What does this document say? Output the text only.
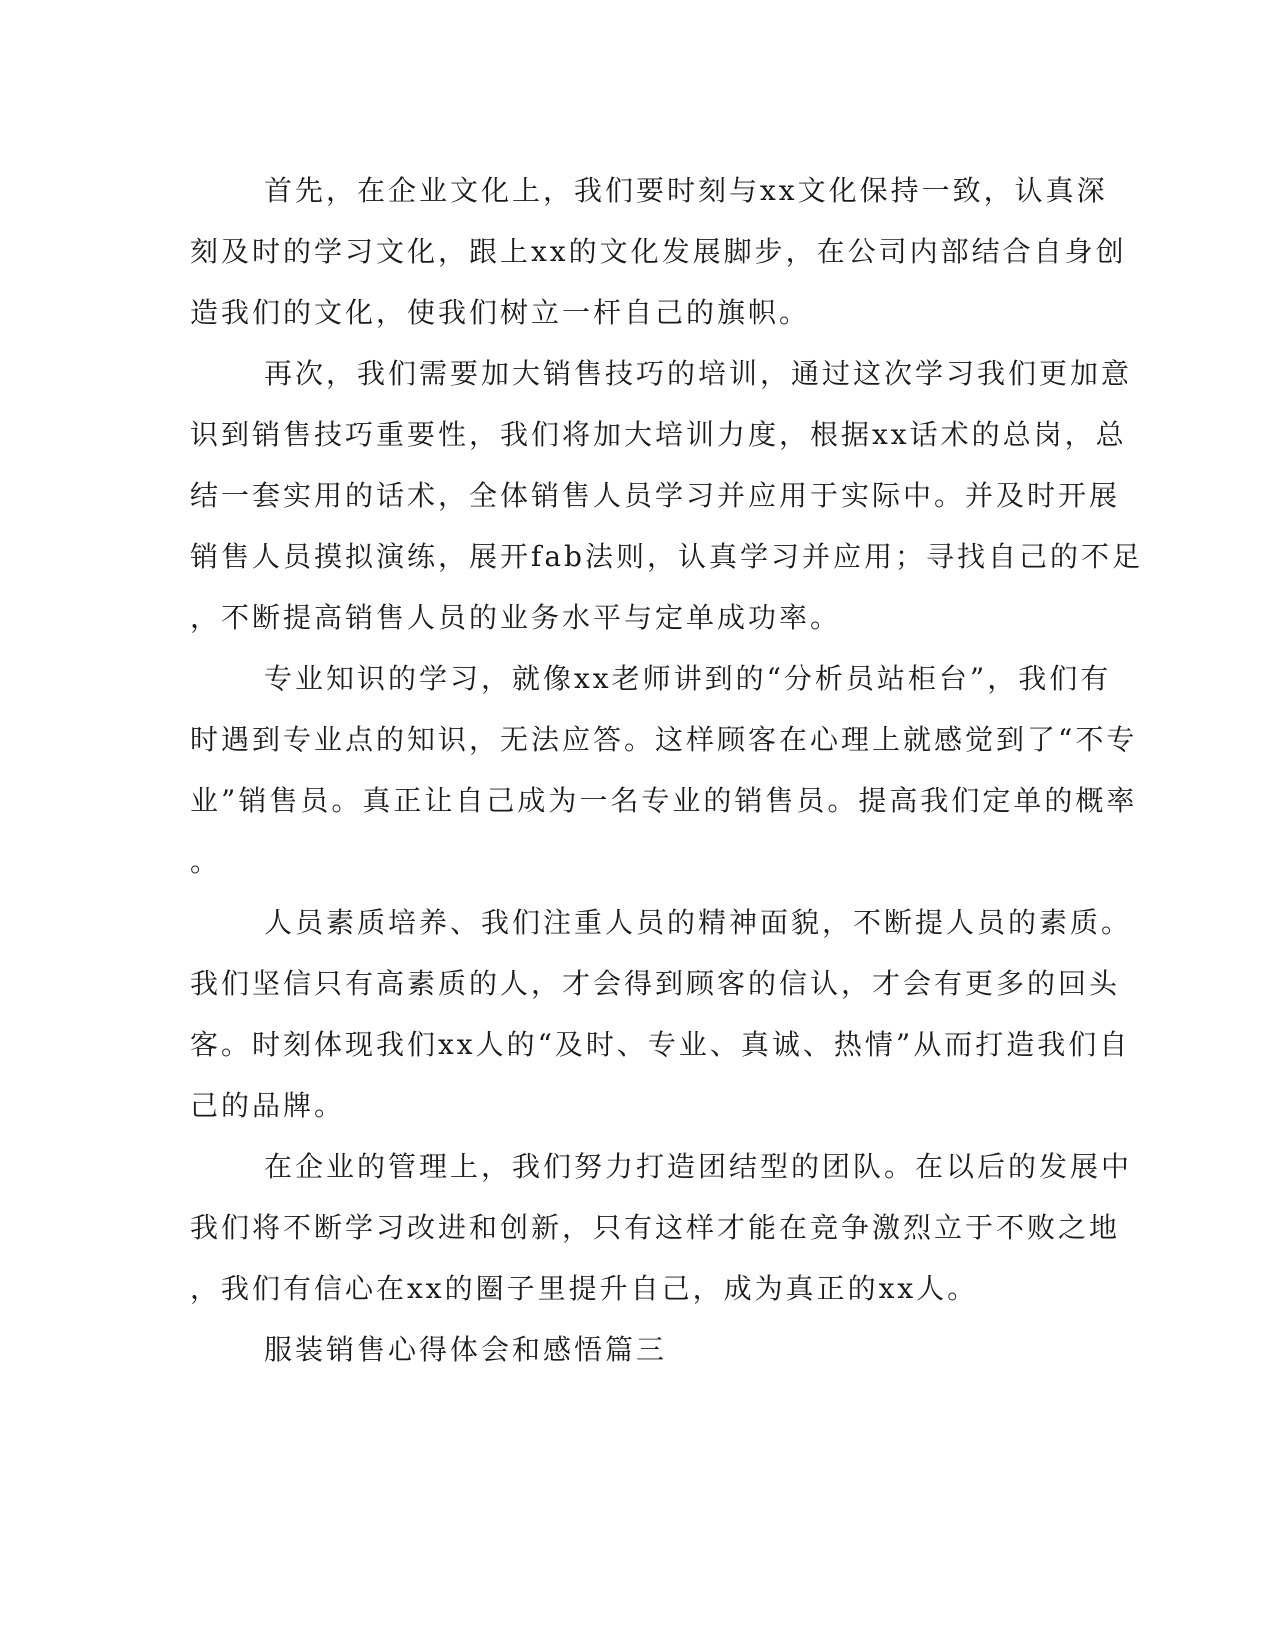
首先，在企业文化上，我们要时刻与xx文化保持一致，认真深
刻及时的学习文化，跟上xx的文化发展脚步，在公司内部结合自身创
造我们的文化，使我们树立一杆自己的旗帜。
再次，我们需要加大销售技巧的培训，通过这次学习我们更加意
识到销售技巧重要性，我们将加大培训力度，根据xx话术的总岗，总
结一套实用的话术，全体销售人员学习并应用于实际中。并及时开展
销售人员摸拟演练，展开fab法则，认真学习并应用；寻找自己的不足
，不断提高销售人员的业务水平与定单成功率。
专业知识的学习，就像xx老师讲到的“分析员站柜台”，我们有
时遇到专业点的知识，无法应答。这样顾客在心理上就感觉到了“不专
业”销售员。真正让自己成为一名专业的销售员。提高我们定单的概率
。
人员素质培养、我们注重人员的精神面貌，不断提人员的素质。
我们坚信只有高素质的人，才会得到顾客的信认，才会有更多的回头
客。时刻体现我们xx人的“及时、专业、真诚、热情”从而打造我们自
己的品牌。
在企业的管理上，我们努力打造团结型的团队。在以后的发展中
我们将不断学习改进和创新，只有这样才能在竞争激烈立于不败之地
，我们有信心在xx的圈子里提升自己，成为真正的xx人。
服装销售心得体会和感悟篇三
